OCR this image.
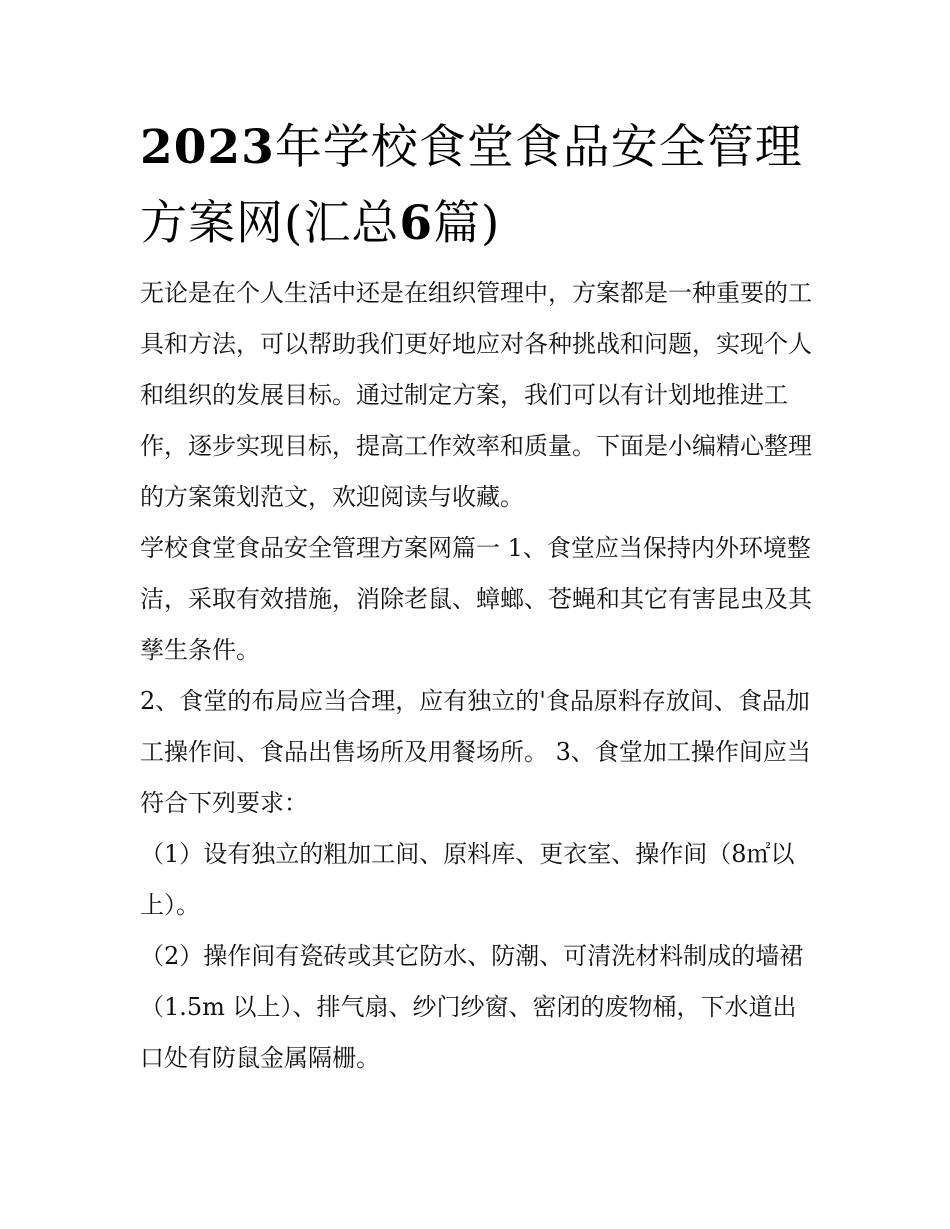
2023年学校食堂食品安全管理方案网(汇总6篇)

无论是在个人生活中还是在组织管理中，方案都是一种重要的工具和方法，可以帮助我们更好地应对各种挑战和问题，实现个人和组织的发展目标。通过制定方案，我们可以有计划地推进工作，逐步实现目标，提高工作效率和质量。下面是小编精心整理的方案策划范文，欢迎阅读与收藏。

学校食堂食品安全管理方案网篇一 1、食堂应当保持内外环境整洁，采取有效措施，消除老鼠、蟑螂、苍蝇和其它有害昆虫及其孳生条件。

2、食堂的布局应当合理，应有独立的'食品原料存放间、食品加工操作间、食品出售场所及用餐场所。 3、食堂加工操作间应当符合下列要求：

（1）设有独立的粗加工间、原料库、更衣室、操作间（8㎡以上）。

（2）操作间有瓷砖或其它防水、防潮、可清洗材料制成的墙裙（1.5m 以上）、排气扇、纱门纱窗、密闭的废物桶，下水道出口处有防鼠金属隔栅。
